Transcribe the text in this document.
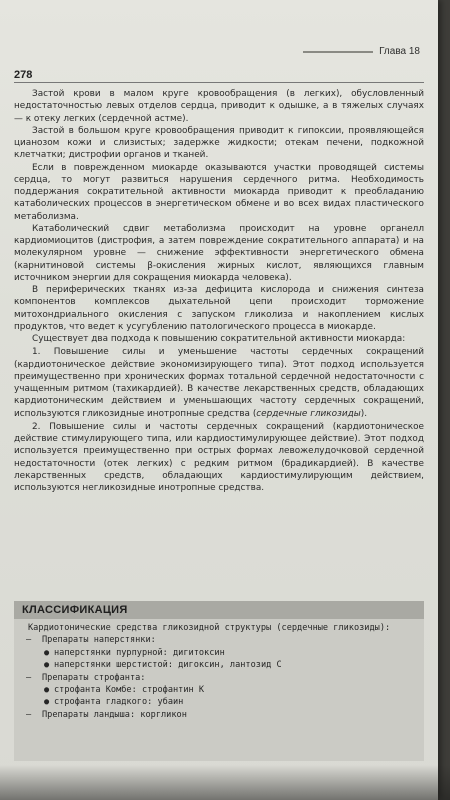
Глава 18
278

Застой крови в малом круге кровообращения (в легких), обусловленный недостаточностью левых отделов сердца, приводит к одышке, а в тяжелых случаях — к отеку легких (сердечной астме).

Застой в большом круге кровообращения приводит к гипоксии, проявляющейся цианозом кожи и слизистых; задержке жидкости; отекам печени, подкожной клетчатки; дистрофии органов и тканей.

Если в поврежденном миокарде оказываются участки проводящей системы сердца, то могут развиться нарушения сердечного ритма. Необходимость поддержания сократительной активности миокарда приводит к преобладанию катаболических процессов в энергетическом обмене и во всех видах пластического метаболизма.

Катаболический сдвиг метаболизма происходит на уровне органелл кардиомиоцитов (дистрофия, а затем повреждение сократительного аппарата) и на молекулярном уровне — снижение эффективности энергетического обмена (карнитиновой системы β-окисления жирных кислот, являющихся главным источником энергии для сокращения миокарда человека).

В периферических тканях из-за дефицита кислорода и снижения синтеза компонентов комплексов дыхательной цепи происходит торможение митохондриального окисления с запуском гликолиза и накоплением кислых продуктов, что ведет к усугублению патологического процесса в миокарде.

Существует два подхода к повышению сократительной активности миокарда:

1. Повышение силы и уменьшение частоты сердечных сокращений (кардиотоническое действие экономизирующего типа). Этот подход используется преимущественно при хронических формах тотальной сердечной недостаточности с учащенным ритмом (тахикардией). В качестве лекарственных средств, обладающих кардиотоническим действием и уменьшающих частоту сердечных сокращений, используются гликозидные инотропные средства (сердечные гликозиды).

2. Повышение силы и частоты сердечных сокращений (кардиотоническое действие стимулирующего типа, или кардиостимулирующее действие). Этот подход используется преимущественно при острых формах левожелудочковой сердечной недостаточности (отек легких) с редким ритмом (брадикардией). В качестве лекарственных средств, обладающих кардиостимулирующим действием, используются негликозидные инотропные средства.

КЛАССИФИКАЦИЯ
Кардиотонические средства гликозидной структуры (сердечные гликозиды):
— Препараты наперстянки:
● наперстянки пурпурной: дигитоксин
● наперстянки шерстистой: дигоксин, лантозид С
— Препараты строфанта:
● строфанта Комбе: строфантин К
● строфанта гладкого: убаин
— Препараты ландыша: коргликон
